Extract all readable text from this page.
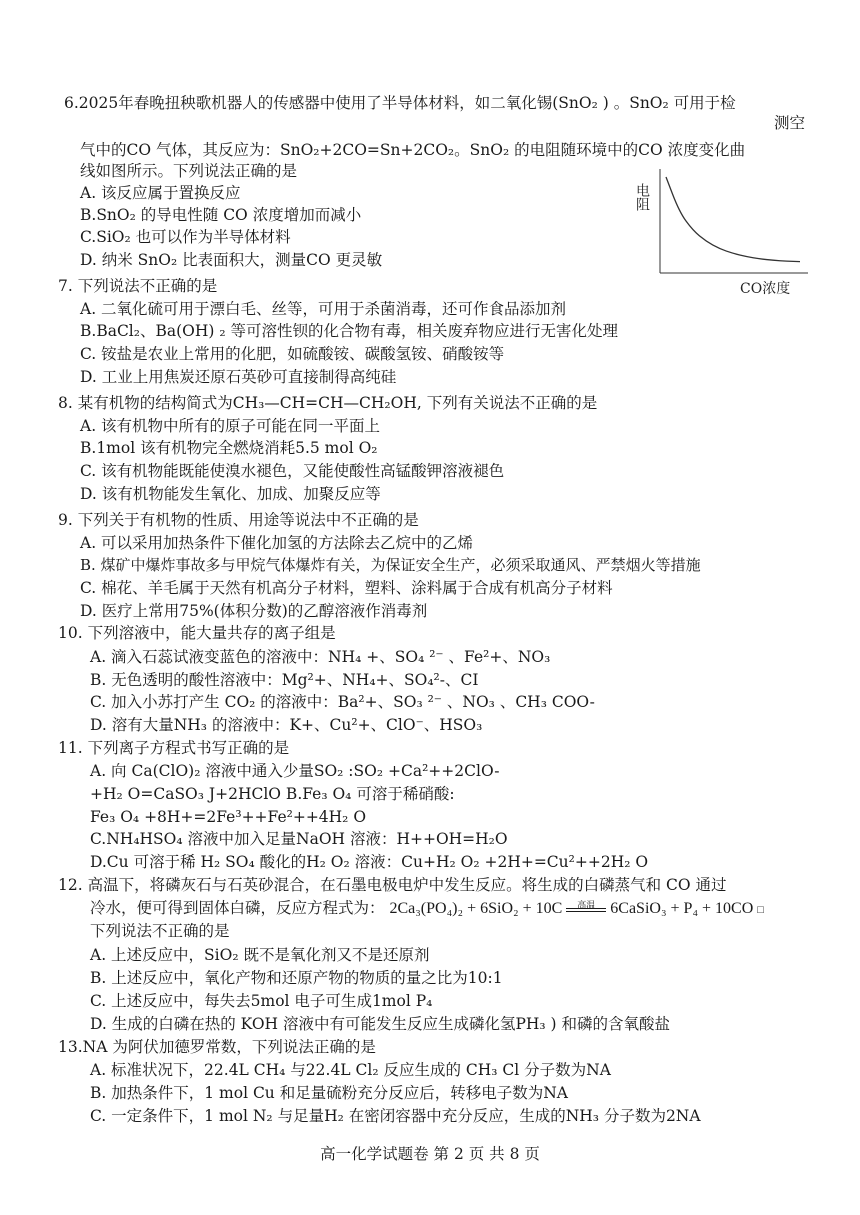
6.2025年春晚扭秧歌机器人的传感器中使用了半导体材料，如二氧化锡(SnO₂ ) 。SnO₂ 可用于检
测空
气中的CO 气体，其反应为：SnO₂+2CO=Sn+2CO₂。SnO₂ 的电阻随环境中的CO 浓度变化曲
线如图所示。下列说法正确的是
A. 该反应属于置换反应
B.SnO₂ 的导电性随 CO 浓度增加而减小
C.SiO₂ 也可以作为半导体材料
D. 纳米 SnO₂ 比表面积大，测量CO 更灵敏
电阻
CO浓度
7. 下列说法不正确的是
A. 二氧化硫可用于漂白毛、丝等，可用于杀菌消毒，还可作食品添加剂
B.BaCl₂、Ba(OH) ₂ 等可溶性钡的化合物有毒，相关废弃物应进行无害化处理
C. 铵盐是农业上常用的化肥，如硫酸铵、碳酸氢铵、硝酸铵等
D. 工业上用焦炭还原石英砂可直接制得高纯硅
8. 某有机物的结构简式为CH₃—CH=CH—CH₂OH, 下列有关说法不正确的是
A. 该有机物中所有的原子可能在同一平面上
B.1mol 该有机物完全燃烧消耗5.5 mol O₂
C. 该有机物能既能使溴水褪色，又能使酸性高锰酸钾溶液褪色
D. 该有机物能发生氧化、加成、加聚反应等
9. 下列关于有机物的性质、用途等说法中不正确的是
A. 可以采用加热条件下催化加氢的方法除去乙烷中的乙烯
B. 煤矿中爆炸事故多与甲烷气体爆炸有关，为保证安全生产，必须采取通风、严禁烟火等措施
C. 棉花、羊毛属于天然有机高分子材料，塑料、涂料属于合成有机高分子材料
D. 医疗上常用75%(体积分数)的乙醇溶液作消毒剂
10. 下列溶液中，能大量共存的离子组是
A. 滴入石蕊试液变蓝色的溶液中：NH₄ +、SO₄ ²⁻ 、Fe²+、NO₃
B. 无色透明的酸性溶液中：Mg²+、NH₄+、SO₄²-、CI
C. 加入小苏打产生 CO₂ 的溶液中：Ba²+、SO₃ ²⁻ 、NO₃ 、CH₃ COO-
D. 溶有大量NH₃ 的溶液中：K+、Cu²+、ClO⁻、HSO₃
11. 下列离子方程式书写正确的是
A. 向 Ca(ClO)₂ 溶液中通入少量SO₂ :SO₂ +Ca²++2ClO-
+H₂ O=CaSO₃ J+2HClO B.Fe₃ O₄ 可溶于稀硝酸:
Fe₃ O₄ +8H+=2Fe³++Fe²++4H₂ O
C.NH₄HSO₄ 溶液中加入足量NaOH 溶液：H++OH=H₂O
D.Cu 可溶于稀 H₂ SO₄ 酸化的H₂ O₂ 溶液：Cu+H₂ O₂ +2H+=Cu²++2H₂ O
12. 高温下，将磷灰石与石英砂混合，在石墨电极电炉中发生反应。将生成的白磷蒸气和 CO 通过
冷水，便可得到固体白磷，反应方程式为： 2Ca₃(PO₄)₂ + 6SiO₂ + 10C	高温 6CaSiO₃ + P₄ + 10CO □
下列说法不正确的是
A. 上述反应中，SiO₂ 既不是氧化剂又不是还原剂
B. 上述反应中，氧化产物和还原产物的物质的量之比为10:1
C. 上述反应中，每失去5mol 电子可生成1mol P₄
D. 生成的白磷在热的 KOH 溶液中有可能发生反应生成磷化氢PH₃ ) 和磷的含氧酸盐
13.NA 为阿伏加德罗常数，下列说法正确的是
A. 标准状况下，22.4L CH₄ 与22.4L Cl₂ 反应生成的 CH₃ Cl 分子数为NA
B. 加热条件下，1 mol Cu 和足量硫粉充分反应后，转移电子数为NA
C. 一定条件下，1 mol N₂ 与足量H₂ 在密闭容器中充分反应，生成的NH₃ 分子数为2NA
高一化学试题卷 第 2 页 共 8 页
